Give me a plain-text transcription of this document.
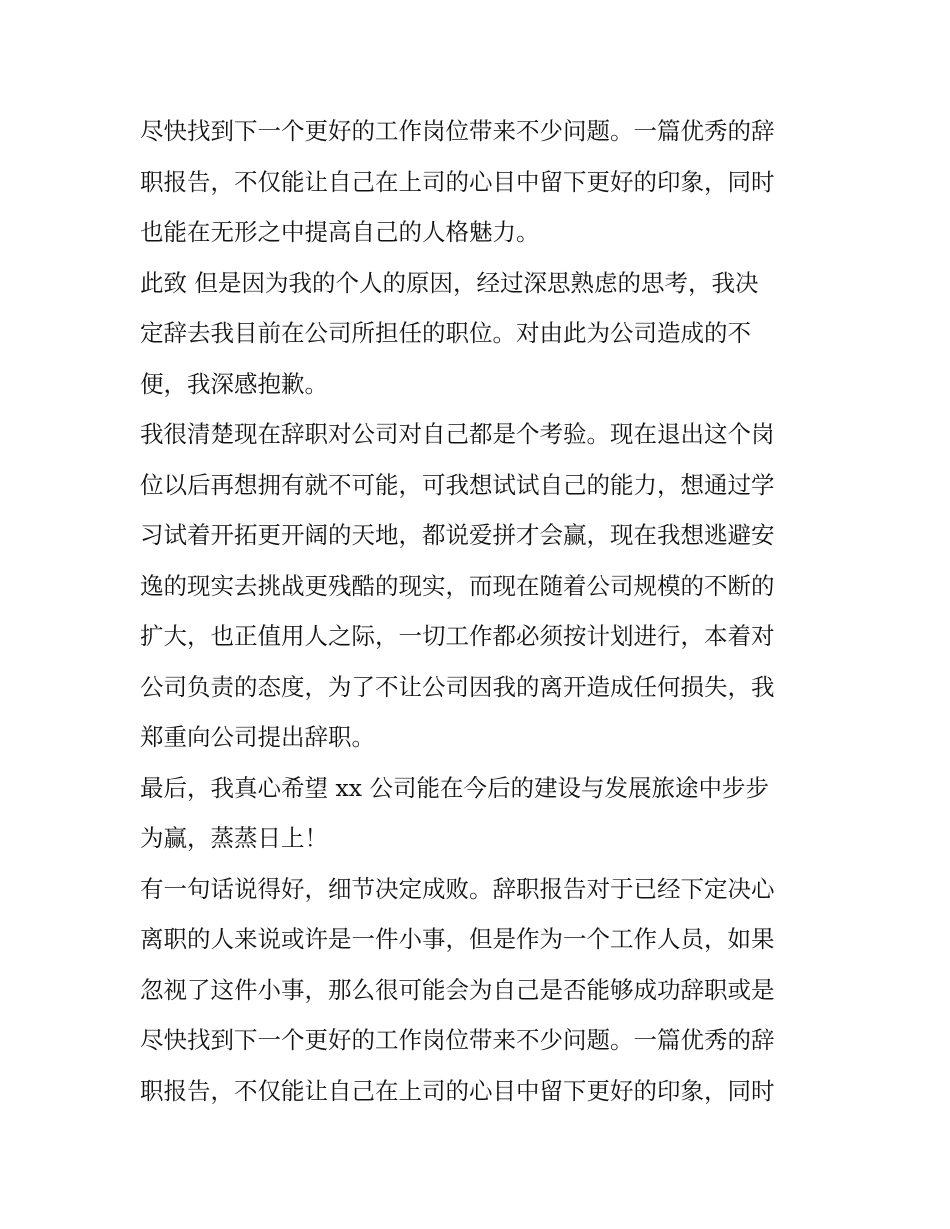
尽快找到下一个更好的工作岗位带来不少问题。一篇优秀的辞
职报告，不仅能让自己在上司的心目中留下更好的印象，同时
也能在无形之中提高自己的人格魅力。
此致 但是因为我的个人的原因，经过深思熟虑的思考，我决
定辞去我目前在公司所担任的职位。对由此为公司造成的不
便，我深感抱歉。
我很清楚现在辞职对公司对自己都是个考验。现在退出这个岗
位以后再想拥有就不可能，可我想试试自己的能力，想通过学
习试着开拓更开阔的天地，都说爱拼才会赢，现在我想逃避安
逸的现实去挑战更残酷的现实，而现在随着公司规模的不断的
扩大，也正值用人之际，一切工作都必须按计划进行，本着对
公司负责的态度，为了不让公司因我的离开造成任何损失，我
郑重向公司提出辞职。
最后，我真心希望 xx 公司能在今后的建设与发展旅途中步步
为赢，蒸蒸日上！
有一句话说得好，细节决定成败。辞职报告对于已经下定决心
离职的人来说或许是一件小事，但是作为一个工作人员，如果
忽视了这件小事，那么很可能会为自己是否能够成功辞职或是
尽快找到下一个更好的工作岗位带来不少问题。一篇优秀的辞
职报告，不仅能让自己在上司的心目中留下更好的印象，同时
